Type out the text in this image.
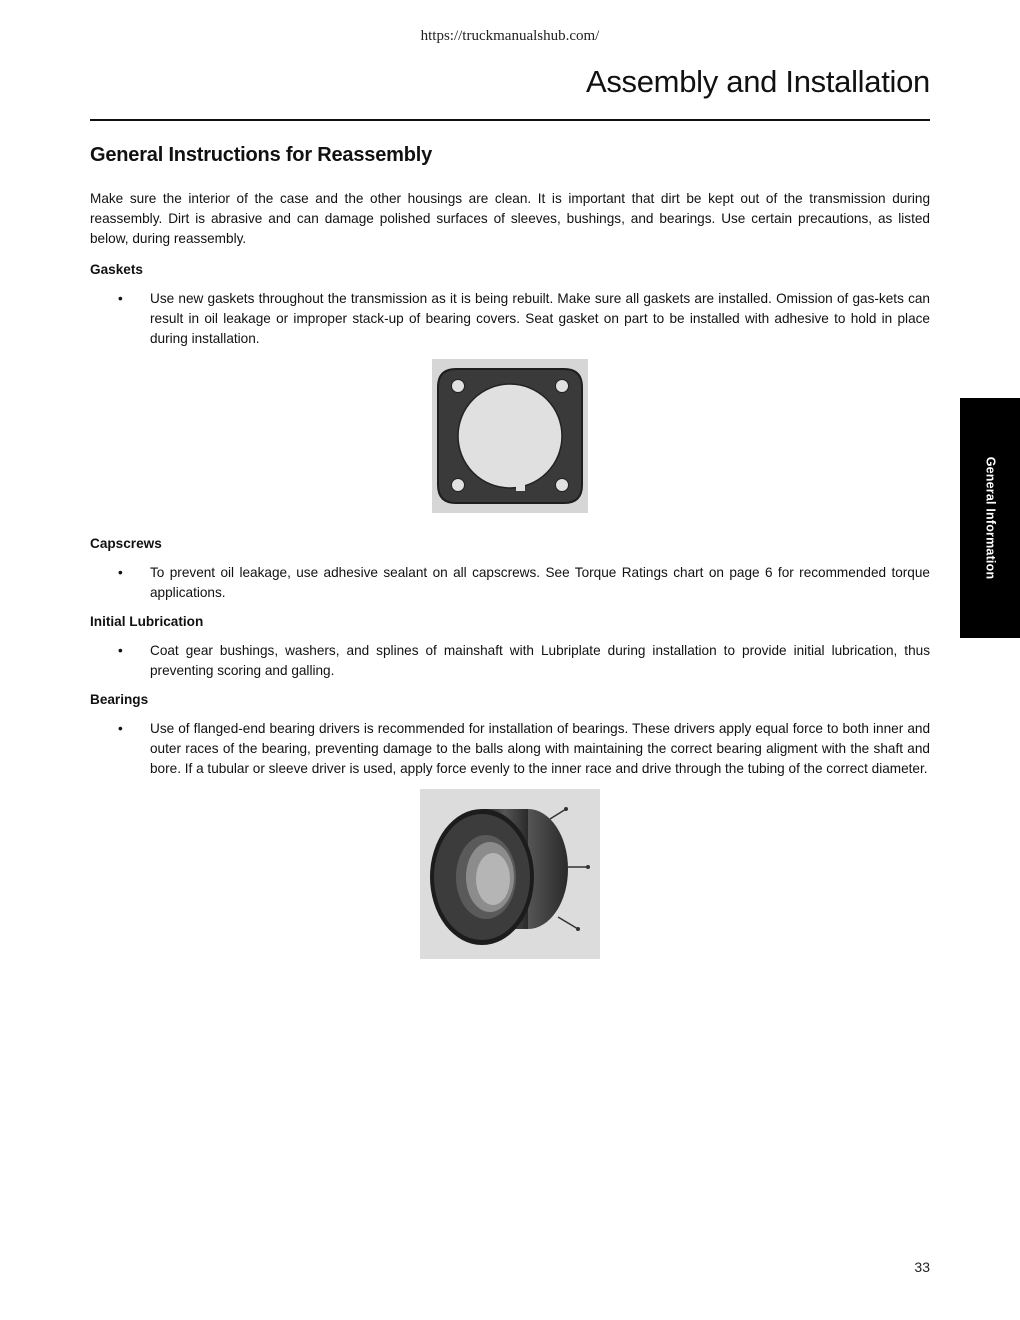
https://truckmanualshub.com/
Assembly and Installation
General Information
General Instructions for Reassembly

Make sure the interior of the case and the other housings are clean. It is important that dirt be kept out of the transmission during reassembly. Dirt is abrasive and can damage polished surfaces of sleeves, bushings, and bearings. Use certain precautions, as listed below, during reassembly.

Gaskets
• Use new gaskets throughout the transmission as it is being rebuilt. Make sure all gaskets are installed. Omission of gas-kets can result in oil leakage or improper stack-up of bearing covers. Seat gasket on part to be installed with adhesive to hold in place during installation.
Capscrews
• To prevent oil leakage, use adhesive sealant on all capscrews. See Torque Ratings chart on page 6 for recommended torque applications.
Initial Lubrication
• Coat gear bushings, washers, and splines of mainshaft with Lubriplate during installation to provide initial lubrication, thus preventing scoring and galling.
Bearings
• Use of flanged-end bearing drivers is recommended for installation of bearings. These drivers apply equal force to both inner and outer races of the bearing, preventing damage to the balls along with maintaining the correct bearing aligment with the shaft and bore. If a tubular or sleeve driver is used, apply force evenly to the inner race and drive through the tubing of the correct diameter.
33
